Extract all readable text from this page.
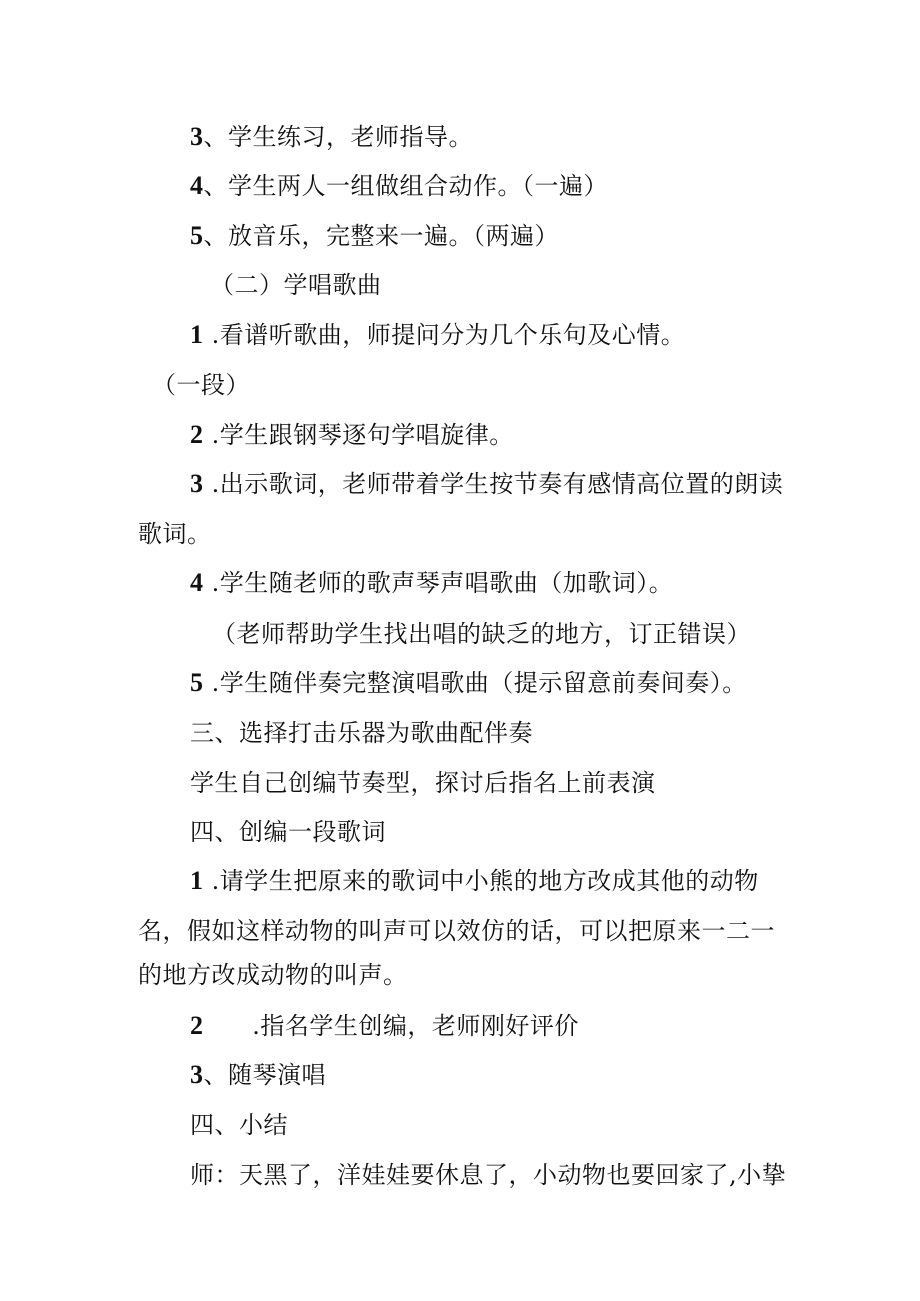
3、学生练习，老师指导。
4、学生两人一组做组合动作。（一遍）
5、放音乐，完整来一遍。（两遍）
（二）学唱歌曲
1 .看谱听歌曲，师提问分为几个乐句及心情。
（一段）
2 .学生跟钢琴逐句学唱旋律。
3 .出示歌词，老师带着学生按节奏有感情高位置的朗读
歌词。
4 .学生随老师的歌声琴声唱歌曲（加歌词）。
（老师帮助学生找出唱的缺乏的地方，订正错误）
5 .学生随伴奏完整演唱歌曲（提示留意前奏间奏）。
三、选择打击乐器为歌曲配伴奏
学生自己创编节奏型，探讨后指名上前表演
四、创编一段歌词
1 .请学生把原来的歌词中小熊的地方改成其他的动物
名，假如这样动物的叫声可以效仿的话，可以把原来一二一
的地方改成动物的叫声。
2      .指名学生创编，老师刚好评价
3、随琴演唱
四、小结
师：天黑了，洋娃娃要休息了，小动物也要回家了,小挚
